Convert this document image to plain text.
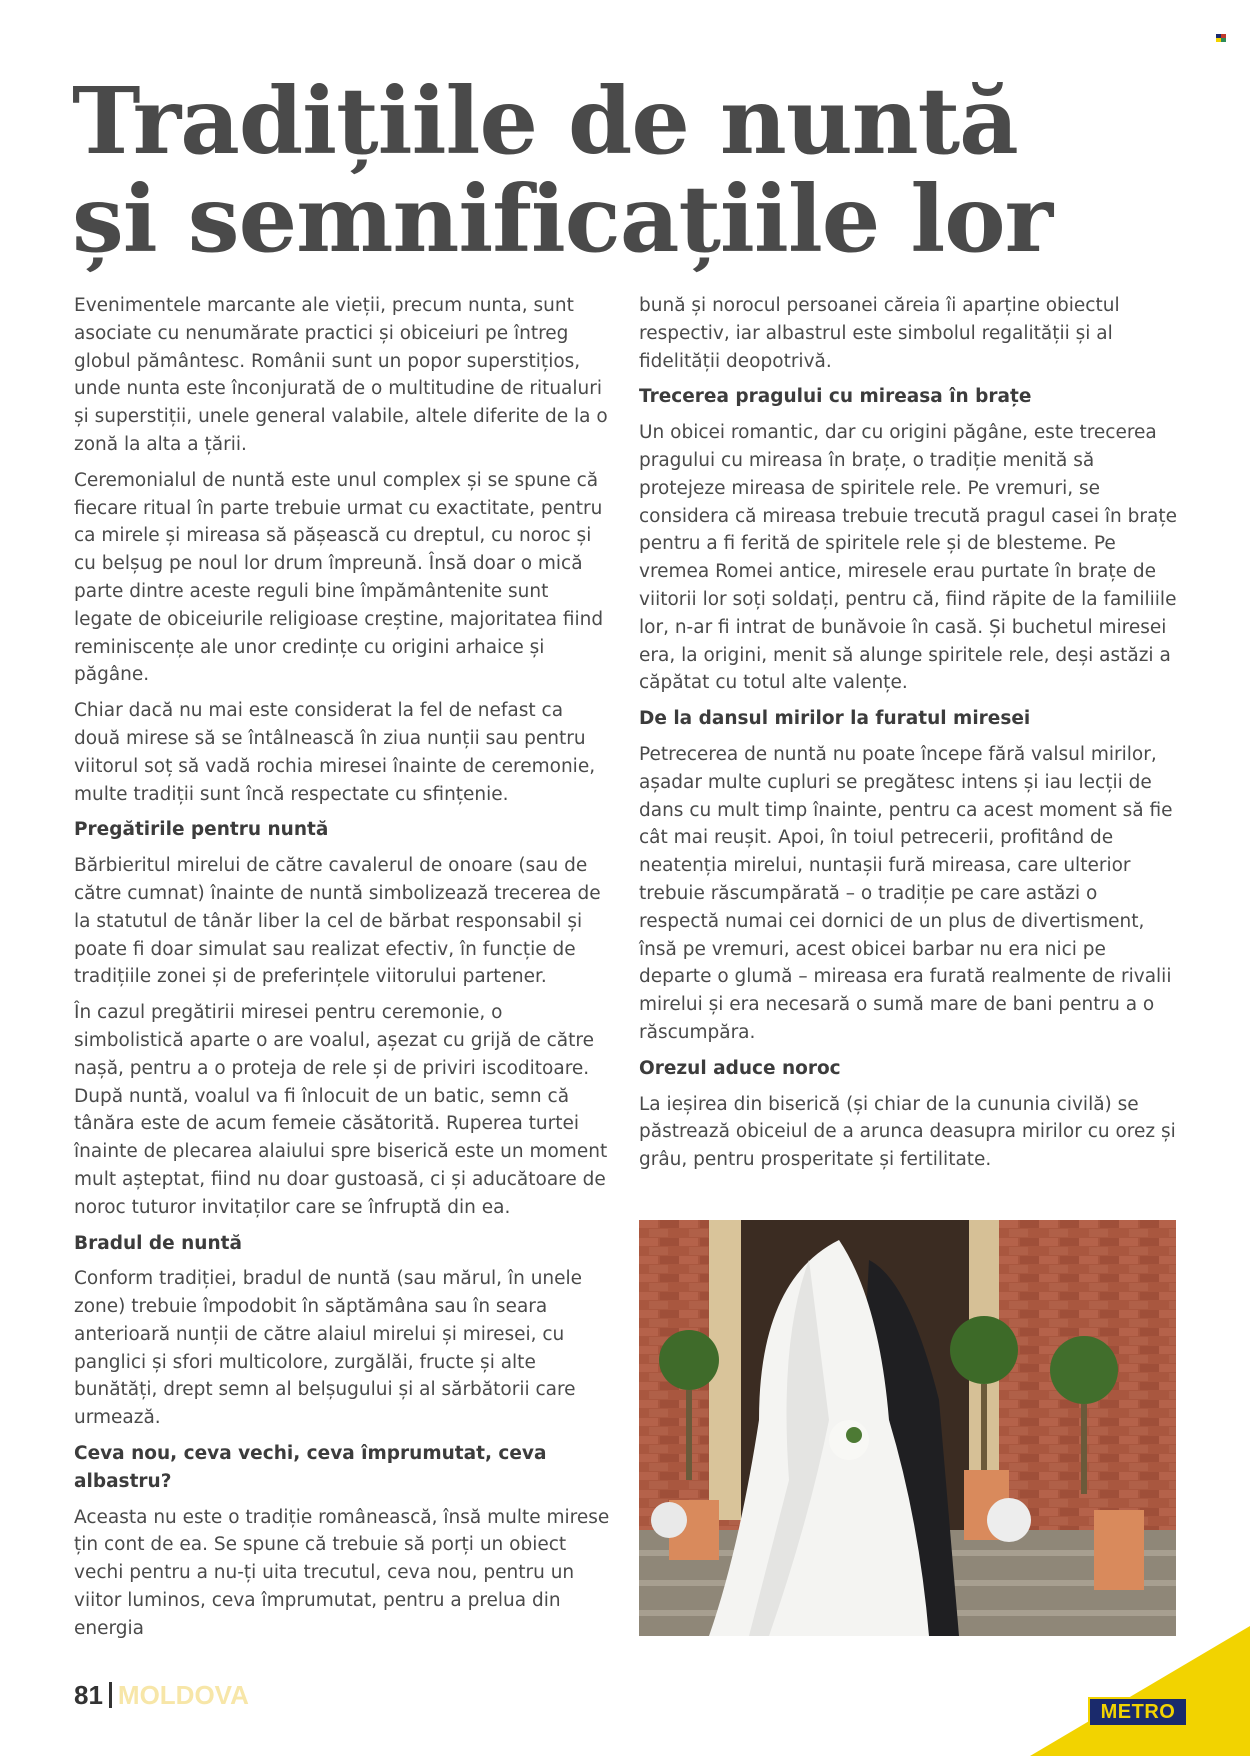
Tradițiile de nuntă
și semnificațiile lor

Evenimentele marcante ale vieții, precum nunta, sunt asociate cu nenumărate practici și obiceiuri pe întreg globul pământesc. Românii sunt un popor superstițios, unde nunta este înconjurată de o multitudine de ritualuri și superstiții, unele general valabile, altele diferite de la o zonă la alta a țării.

Ceremonialul de nuntă este unul complex și se spune că fiecare ritual în parte trebuie urmat cu exactitate, pentru ca mirele și mireasa să pășească cu dreptul, cu noroc și cu belșug pe noul lor drum împreună. Însă doar o mică parte dintre aceste reguli bine împământenite sunt legate de obiceiurile religioase creștine, majoritatea fiind reminiscențe ale unor credințe cu origini arhaice și păgâne.

Chiar dacă nu mai este considerat la fel de nefast ca două mirese să se întâlnească în ziua nunții sau pentru viitorul soț să vadă rochia miresei înainte de ceremonie, multe tradiții sunt încă respectate cu sfințenie.

Pregătirile pentru nuntă

Bărbieritul mirelui de către cavalerul de onoare (sau de către cumnat) înainte de nuntă simbolizează trecerea de la statutul de tânăr liber la cel de bărbat responsabil și poate fi doar simulat sau realizat efectiv, în funcție de tradițiile zonei și de preferințele viitorului partener.

În cazul pregătirii miresei pentru ceremonie, o simbolistică aparte o are voalul, așezat cu grijă de către nașă, pentru a o proteja de rele și de priviri iscoditoare. După nuntă, voalul va fi înlocuit de un batic, semn că tânăra este de acum femeie căsătorită. Ruperea turtei înainte de plecarea alaiului spre biserică este un moment mult așteptat, fiind nu doar gustoasă, ci și aducătoare de noroc tuturor invitaților care se înfruptă din ea.

Bradul de nuntă

Conform tradiției, bradul de nuntă (sau mărul, în unele zone) trebuie împodobit în săptămâna sau în seara anterioară nunții de către alaiul mirelui și miresei, cu panglici și sfori multicolore, zurgălăi, fructe și alte bunătăți, drept semn al belșugului și al sărbătorii care urmează.

Ceva nou, ceva vechi, ceva împrumutat, ceva albastru?

Aceasta nu este o tradiție românească, însă multe mirese țin cont de ea. Se spune că trebuie să porți un obiect vechi pentru a nu-ți uita trecutul, ceva nou, pentru un viitor luminos, ceva împrumutat, pentru a prelua din energia

bună și norocul persoanei căreia îi aparține obiectul respectiv, iar albastrul este simbolul regalității și al fidelității deopotrivă.

Trecerea pragului cu mireasa în brațe

Un obicei romantic, dar cu origini păgâne, este trecerea pragului cu mireasa în brațe, o tradiție menită să protejeze mireasa de spiritele rele. Pe vremuri, se considera că mireasa trebuie trecută pragul casei în brațe pentru a fi ferită de spiritele rele și de blesteme. Pe vremea Romei antice, miresele erau purtate în brațe de viitorii lor soți soldați, pentru că, fiind răpite de la familiile lor, n-ar fi intrat de bunăvoie în casă. Și buchetul miresei era, la origini, menit să alunge spiritele rele, deși astăzi a căpătat cu totul alte valențe.

De la dansul mirilor la furatul miresei

Petrecerea de nuntă nu poate începe fără valsul mirilor, așadar multe cupluri se pregătesc intens și iau lecții de dans cu mult timp înainte, pentru ca acest moment să fie cât mai reușit. Apoi, în toiul petrecerii, profitând de neatenția mirelui, nuntașii fură mireasa, care ulterior trebuie răscumpărată – o tradiție pe care astăzi o respectă numai cei dornici de un plus de divertisment, însă pe vremuri, acest obicei barbar nu era nici pe departe o glumă – mireasa era furată realmente de rivalii mirelui și era necesară o sumă mare de bani pentru a o răscumpăra.

Orezul aduce noroc

La ieșirea din biserică (și chiar de la cununia civilă) se păstrează obiceiul de a arunca deasupra mirilor cu orez și grâu, pentru prosperitate și fertilitate.

81 MOLDOVA
METRO
